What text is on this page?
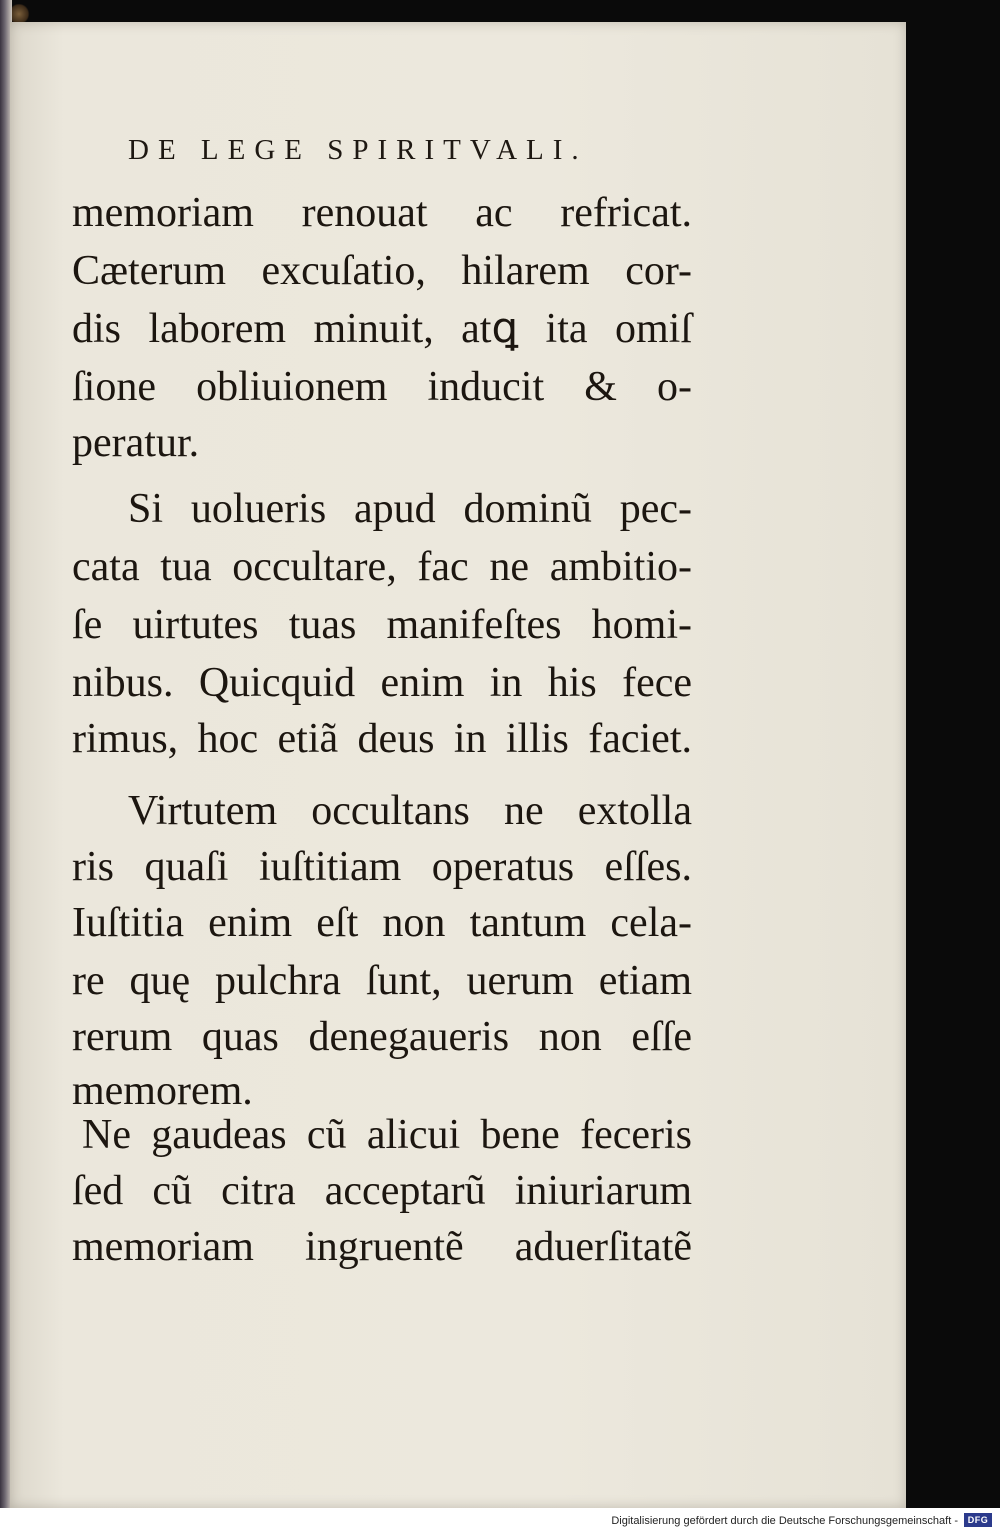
DE LEGE SPIRITVALI.

memoriam renouat ac refricat.

Cæterum excuſatio, hilarem cor-

dis laborem minuit, atꝗ ita omiſ

ſione obliuionem inducit & o-

peratur.

Si uolueris apud dominũ pec-

cata tua occultare, fac ne ambitio-

ſe uirtutes tuas manifeſtes homi-

nibus. Quicquid enim in his fece

rimus, hoc etiã deus in illis faciet.

Virtutem occultans ne extolla

ris quaſi iuſtitiam operatus eſſes.

Iuſtitia enim eſt non tantum cela-

re quę pulchra ſunt, uerum etiam

rerum quas denegaueris non eſſe

memorem.

Ne gaudeas cũ alicui bene feceris

ſed cũ citra acceptarũ iniuriarum

memoriam ingruentẽ aduerſitatẽ

Digitalisierung gefördert durch die Deutsche Forschungsgemeinschaft -	DFG
